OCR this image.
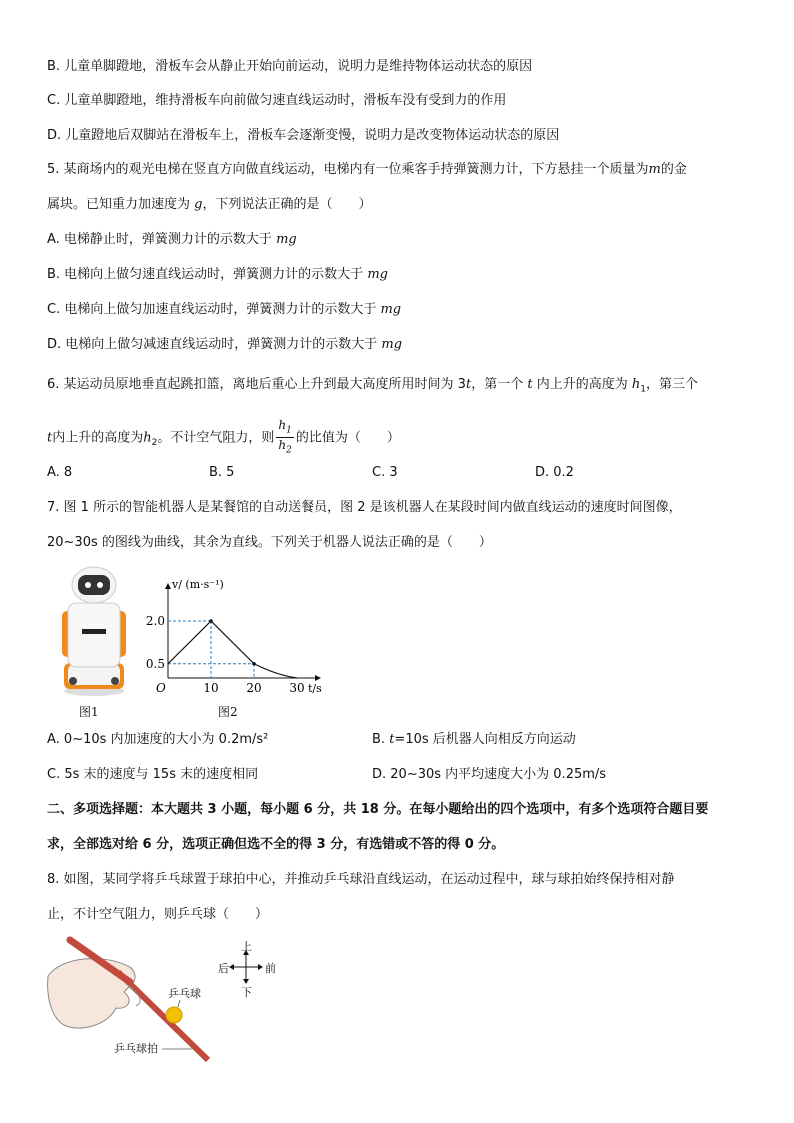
B. 儿童单脚蹬地，滑板车会从静止开始向前运动，说明力是维持物体运动状态的原因
C. 儿童单脚蹬地，维持滑板车向前做匀速直线运动时，滑板车没有受到力的作用
D. 儿童蹬地后双脚站在滑板车上，滑板车会逐渐变慢，说明力是改变物体运动状态的原因
5. 某商场内的观光电梯在竖直方向做直线运动，电梯内有一位乘客手持弹簧测力计，下方悬挂一个质量为m的金
属块。已知重力加速度为 g，下列说法正确的是（　　）
A. 电梯静止时，弹簧测力计的示数大于 mg
B. 电梯向上做匀速直线运动时，弹簧测力计的示数大于 mg
C. 电梯向上做匀加速直线运动时，弹簧测力计的示数大于 mg
D. 电梯向上做匀减速直线运动时，弹簧测力计的示数大于 mg
6. 某运动员原地垂直起跳扣篮，离地后重心上升到最大高度所用时间为 3t，第一个 t 内上升的高度为 $h_1$，第三个
t内上升的高度为$h_2$。不计空气阻力，则 $\frac{h_1}{h_2}$ 的比值为（　　）
A. 8	B. 5	C. 3	D. 0.2
7. 图 1 所示的智能机器人是某餐馆的自动送餐员，图 2 是该机器人在某段时间内做直线运动的速度时间图像，
20~30s 的图线为曲线，其余为直线。下列关于机器人说法正确的是（　　）
图1
10 20 30
0.5
2.0
O
v/ (m·s⁻¹)
t/s
图2
A. 0~10s 内加速度的大小为 0.2m/s²	B. t=10s 后机器人向相反方向运动
C. 5s 末的速度与 15s 末的速度相同	D. 20~30s 内平均速度大小为 0.25m/s
二、多项选择题：本大题共 3 小题，每小题 6 分，共 18 分。在每小题给出的四个选项中，有多个选项符合题目要
求，全部选对给 6 分，选项正确但选不全的得 3 分，有选错或不答的得 0 分。
8. 如图，某同学将乒乓球置于球拍中心，并推动乒乓球沿直线运动，在运动过程中，球与球拍始终保持相对静
止，不计空气阻力，则乒乓球（　　）
乒乓球
乒乓球拍
上
下
后	前
